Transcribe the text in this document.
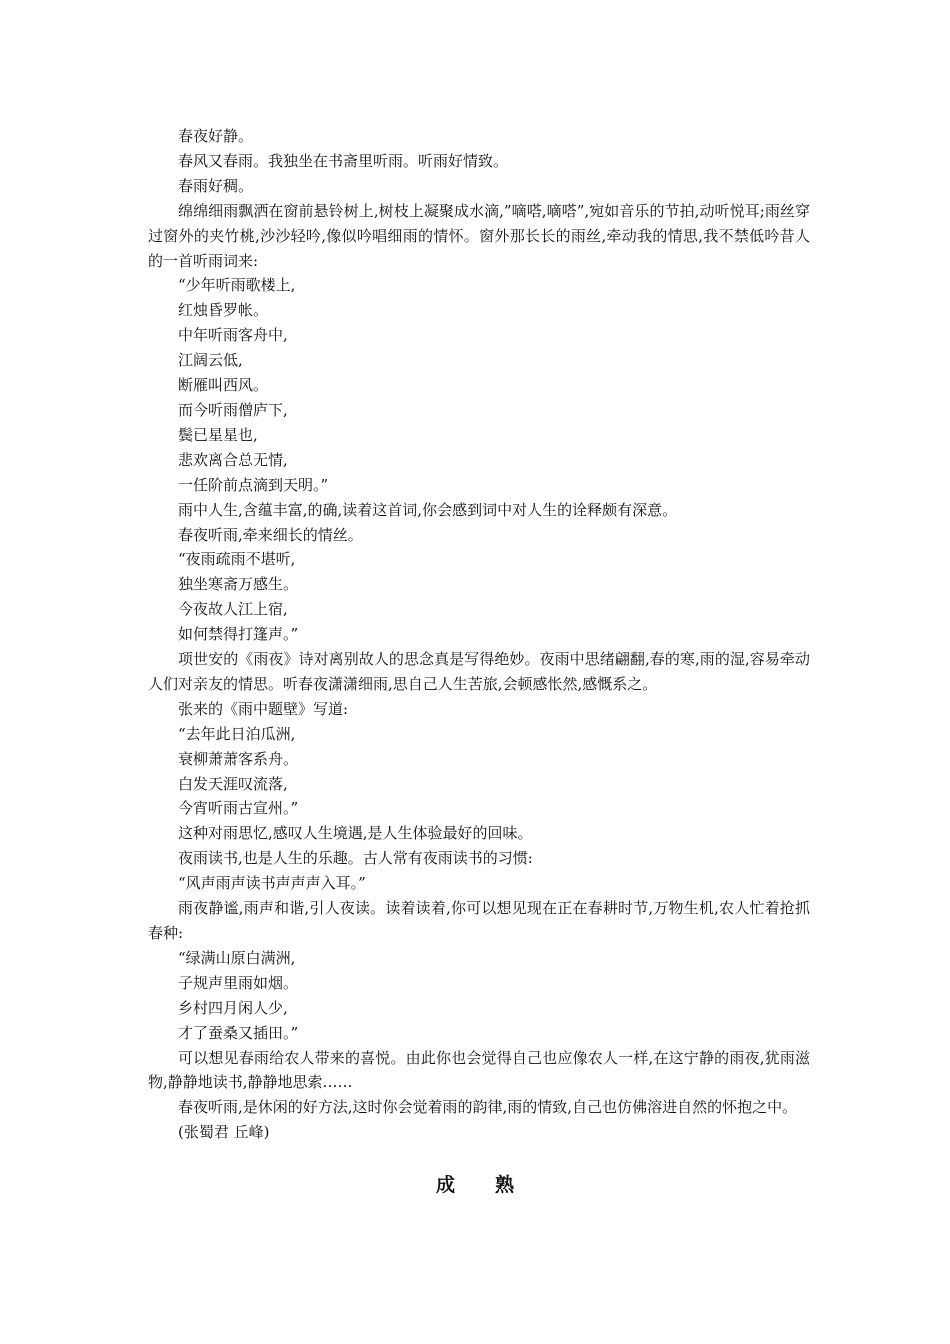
春夜好静。
春风又春雨。我独坐在书斋里听雨。听雨好情致。
春雨好稠。
绵绵细雨飘洒在窗前悬铃树上,树枝上凝聚成水滴,”嘀嗒,嘀嗒”,宛如音乐的节拍,动听悦耳;雨丝穿过窗外的夹竹桃,沙沙轻吟,像似吟唱细雨的情怀。窗外那长长的雨丝,牵动我的情思,我不禁低吟昔人的一首听雨词来:
“少年听雨歌楼上,
红烛昏罗帐。
中年听雨客舟中,
江阔云低,
断雁叫西风。
而今听雨僧庐下,
鬓已星星也,
悲欢离合总无情,
一任阶前点滴到天明。”
雨中人生,含蕴丰富,的确,读着这首词,你会感到词中对人生的诠释颇有深意。
春夜听雨,牵来细长的情丝。
“夜雨疏雨不堪听,
独坐寒斋万感生。
今夜故人江上宿,
如何禁得打篷声。”
项世安的《雨夜》诗对离别故人的思念真是写得绝妙。夜雨中思绪翩翻,春的寒,雨的湿,容易牵动人们对亲友的情思。听春夜潇潇细雨,思自己人生苦旅,会顿感怅然,感慨系之。
张来的《雨中题壁》写道:
“去年此日泊瓜洲,
衰柳萧萧客系舟。
白发天涯叹流落,
今宵听雨古宣州。”
这种对雨思忆,感叹人生境遇,是人生体验最好的回味。
夜雨读书,也是人生的乐趣。古人常有夜雨读书的习惯:
“风声雨声读书声声声入耳。”
雨夜静谧,雨声和谐,引人夜读。读着读着,你可以想见现在正在春耕时节,万物生机,农人忙着抢抓春种:
“绿满山原白满洲,
子规声里雨如烟。
乡村四月闲人少,
才了蚕桑又插田。”
可以想见春雨给农人带来的喜悦。由此你也会觉得自己也应像农人一样,在这宁静的雨夜,犹雨滋物,静静地读书,静静地思索……
春夜听雨,是休闲的好方法,这时你会觉着雨的韵律,雨的情致,自己也仿佛溶进自然的怀抱之中。
(张蜀君 丘峰)
成熟
